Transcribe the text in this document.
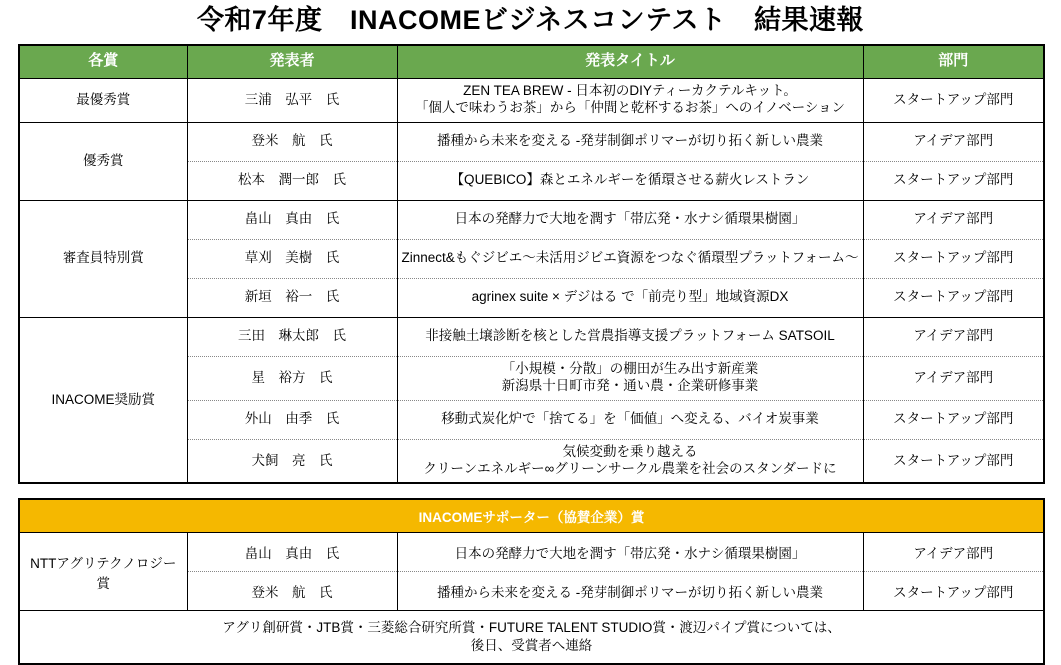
令和7年度　INACOMEビジネスコンテスト　結果速報
各賞	発表者	発表タイトル	部門
最優秀賞	三浦　弘平　氏	ZEN TEA BREW - 日本初のDIYティーカクテルキット。
「個人で味わうお茶」から「仲間と乾杯するお茶」へのイノベーション	スタートアップ部門
優秀賞	登米　航　氏	播種から未来を変える -発芽制御ポリマーが切り拓く新しい農業	アイデア部門
	松本　潤一郎　氏	【QUEBICO】森とエネルギーを循環させる薪火レストラン	スタートアップ部門
審査員特別賞	畠山　真由　氏	日本の発酵力で大地を潤す「帯広発・水ナシ循環果樹園」	アイデア部門
	草刈　美樹　氏	Zinnect&もぐジビエ〜未活用ジビエ資源をつなぐ循環型プラットフォーム〜	スタートアップ部門
	新垣　裕一　氏	agrinex suite × デジはる で「前売り型」地域資源DX	スタートアップ部門
INACOME奨励賞	三田　琳太郎　氏	非接触土壌診断を核とした営農指導支援プラットフォーム SATSOIL	アイデア部門
	星　裕方　氏	「小規模・分散」の棚田が生み出す新産業
新潟県十日町市発・通い農・企業研修事業	アイデア部門
	外山　由季　氏	移動式炭化炉で「捨てる」を「価値」へ変える、バイオ炭事業	スタートアップ部門
	犬飼　亮　氏	気候変動を乗り越える
クリーンエネルギー∞グリーンサークル農業を社会のスタンダードに	スタートアップ部門
INACOMEサポーター（協賛企業）賞			
NTTアグリテクノロジー賞	畠山　真由　氏	日本の発酵力で大地を潤す「帯広発・水ナシ循環果樹園」	アイデア部門
	登米　航　氏	播種から未来を変える -発芽制御ポリマーが切り拓く新しい農業	スタートアップ部門
アグリ創研賞・JTB賞・三菱総合研究所賞・FUTURE TALENT STUDIO賞・渡辺パイプ賞については、
後日、受賞者へ連絡			
